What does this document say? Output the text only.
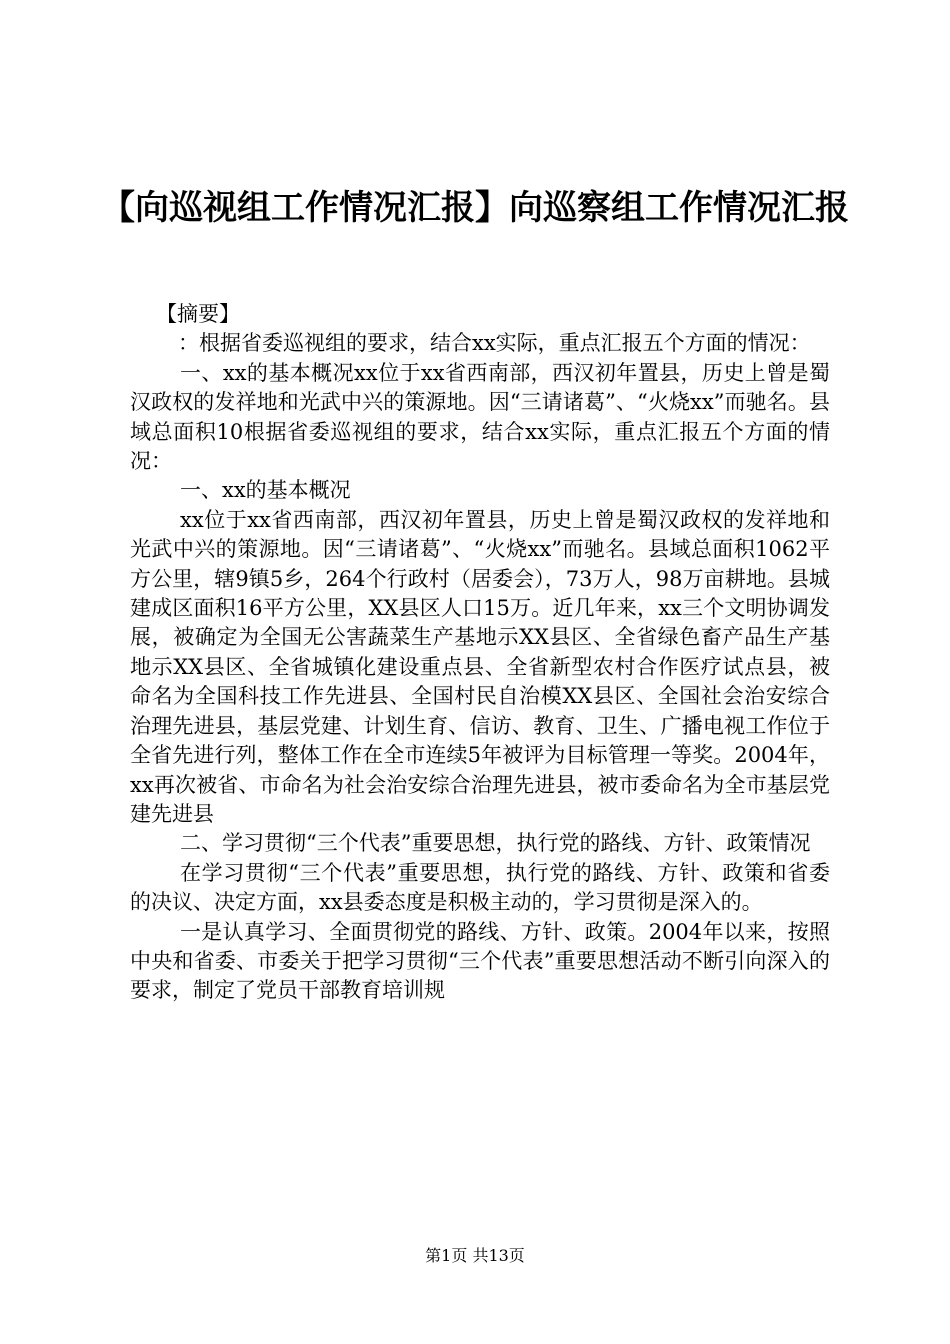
【向巡视组工作情况汇报】向巡察组工作情况汇报

【摘要】

：根据省委巡视组的要求，结合xx实际，重点汇报五个方面的情况：

一、xx的基本概况xx位于xx省西南部，西汉初年置县，历史上曾是蜀汉政权的发祥地和光武中兴的策源地。因“三请诸葛”、“火烧xx”而驰名。县域总面积10根据省委巡视组的要求，结合xx实际，重点汇报五个方面的情况：

一、xx的基本概况

xx位于xx省西南部，西汉初年置县，历史上曾是蜀汉政权的发祥地和光武中兴的策源地。因“三请诸葛”、“火烧xx”而驰名。县域总面积1062平方公里，辖9镇5乡，264个行政村（居委会），73万人，98万亩耕地。县城建成区面积16平方公里，XX县区人口15万。近几年来，xx三个文明协调发展，被确定为全国无公害蔬菜生产基地示XX县区、全省绿色畜产品生产基地示XX县区、全省城镇化建设重点县、全省新型农村合作医疗试点县，被命名为全国科技工作先进县、全国村民自治模XX县区、全国社会治安综合治理先进县，基层党建、计划生育、信访、教育、卫生、广播电视工作位于全省先进行列，整体工作在全市连续5年被评为目标管理一等奖。2004年，xx再次被省、市命名为社会治安综合治理先进县，被市委命名为全市基层党建先进县

二、学习贯彻“三个代表”重要思想，执行党的路线、方针、政策情况

在学习贯彻“三个代表”重要思想，执行党的路线、方针、政策和省委的决议、决定方面，xx县委态度是积极主动的，学习贯彻是深入的。

一是认真学习、全面贯彻党的路线、方针、政策。2004年以来，按照中央和省委、市委关于把学习贯彻“三个代表”重要思想活动不断引向深入的要求，制定了党员干部教育培训规

第1页 共13页
